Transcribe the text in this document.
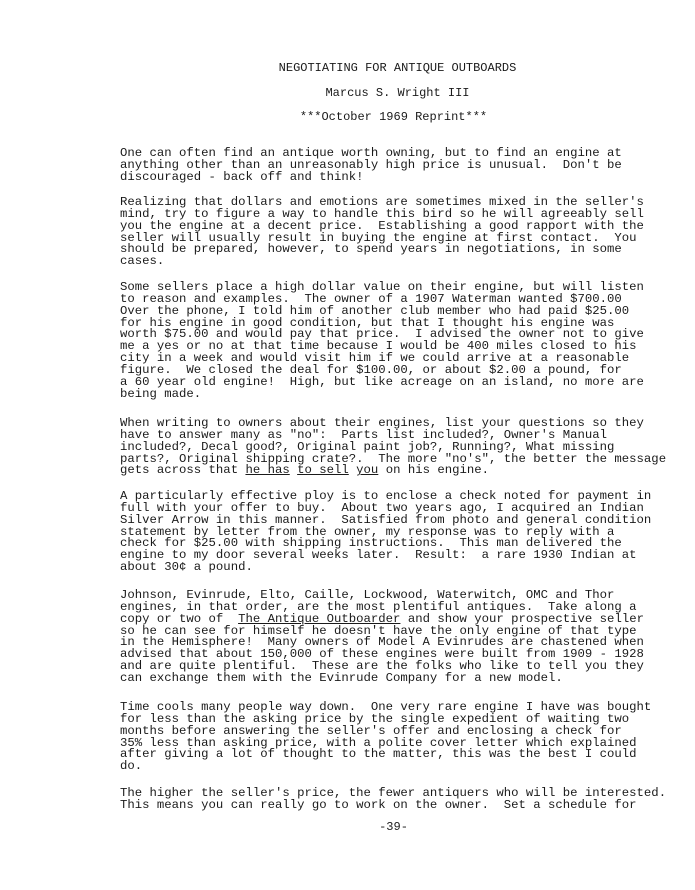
NEGOTIATING FOR ANTIQUE OUTBOARDS
Marcus S. Wright III
***October 1969 Reprint***
One can often find an antique worth owning, but to find an engine at
anything other than an unreasonably high price is unusual.  Don't be
discouraged - back off and think!
Realizing that dollars and emotions are sometimes mixed in the seller's
mind, try to figure a way to handle this bird so he will agreeably sell
you the engine at a decent price.  Establishing a good rapport with the
seller will usually result in buying the engine at first contact.  You
should be prepared, however, to spend years in negotiations, in some
cases.
Some sellers place a high dollar value on their engine, but will listen
to reason and examples.  The owner of a 1907 Waterman wanted $700.00
Over the phone, I told him of another club member who had paid $25.00
for his engine in good condition, but that I thought his engine was
worth $75.00 and would pay that price.  I advised the owner not to give
me a yes or no at that time because I would be 400 miles closed to his
city in a week and would visit him if we could arrive at a reasonable
figure.  We closed the deal for $100.00, or about $2.00 a pound, for
a 60 year old engine!  High, but like acreage on an island, no more are
being made.
When writing to owners about their engines, list your questions so they
have to answer many as "no":  Parts list included?, Owner's Manual
included?, Decal good?, Original paint job?, Running?, What missing
parts?, Original shipping crate?.  The more "no's", the better the message
gets across that he has to sell you on his engine.
A particularly effective ploy is to enclose a check noted for payment in
full with your offer to buy.  About two years ago, I acquired an Indian
Silver Arrow in this manner.  Satisfied from photo and general condition
statement by letter from the owner, my response was to reply with a
check for $25.00 with shipping instructions.  This man delivered the
engine to my door several weeks later.  Result:  a rare 1930 Indian at
about 30¢ a pound.
Johnson, Evinrude, Elto, Caille, Lockwood, Waterwitch, OMC and Thor
engines, in that order, are the most plentiful antiques.  Take along a
copy or two of  The Antique Outboarder and show your prospective seller
so he can see for himself he doesn't have the only engine of that type
in the Hemisphere!  Many owners of Model A Evinrudes are chastened when
advised that about 150,000 of these engines were built from 1909 - 1928
and are quite plentiful.  These are the folks who like to tell you they
can exchange them with the Evinrude Company for a new model.
Time cools many people way down.  One very rare engine I have was bought
for less than the asking price by the single expedient of waiting two
months before answering the seller's offer and enclosing a check for
35% less than asking price, with a polite cover letter which explained
after giving a lot of thought to the matter, this was the best I could
do.
The higher the seller's price, the fewer antiquers who will be interested.
This means you can really go to work on the owner.  Set a schedule for
-39-
